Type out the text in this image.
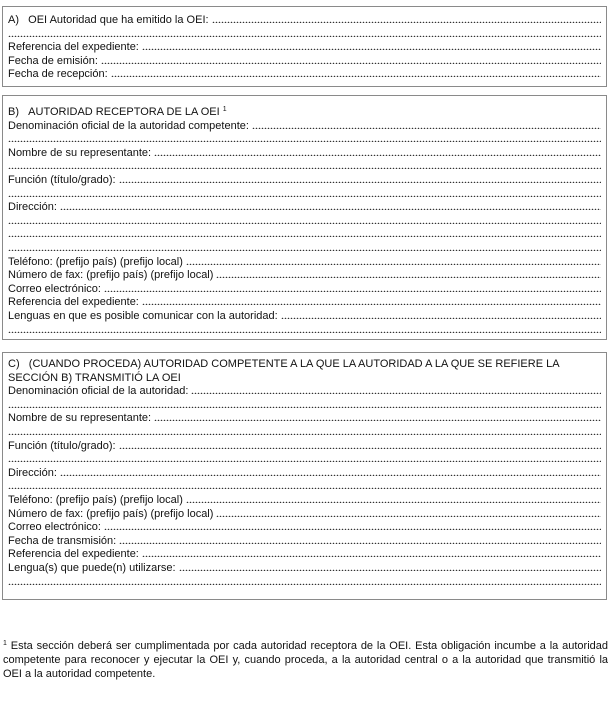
A)   OEI Autoridad que ha emitido la OEI:
Referencia del expediente:
Fecha de emisión:
Fecha de recepción:
B)   AUTORIDAD RECEPTORA DE LA OEI $^1$
Denominación oficial de la autoridad competente:
Nombre de su representante:
Función (título/grado):
Dirección:
Teléfono: (prefijo país) (prefijo local)
Número de fax: (prefijo país) (prefijo local)
Correo electrónico:
Referencia del expediente:
Lenguas en que es posible comunicar con la autoridad:
C)   (CUANDO PROCEDA) AUTORIDAD COMPETENTE A LA QUE LA AUTORIDAD A LA QUE SE REFIERE LA SECCIÓN B) TRANSMITIÓ LA OEI
Denominación oficial de la autoridad:
Nombre de su representante:
Función (título/grado):
Dirección:
Teléfono: (prefijo país) (prefijo local)
Número de fax: (prefijo país) (prefijo local)
Correo electrónico:
Fecha de transmisión:
Referencia del expediente:
Lengua(s) que puede(n) utilizarse:
$^1$ Esta sección deberá ser cumplimentada por cada autoridad receptora de la OEI. Esta obligación incumbe a la autoridad competente para reconocer y ejecutar la OEI y, cuando proceda, a la autoridad central o a la autoridad que transmitió la OEI a la autoridad competente.
